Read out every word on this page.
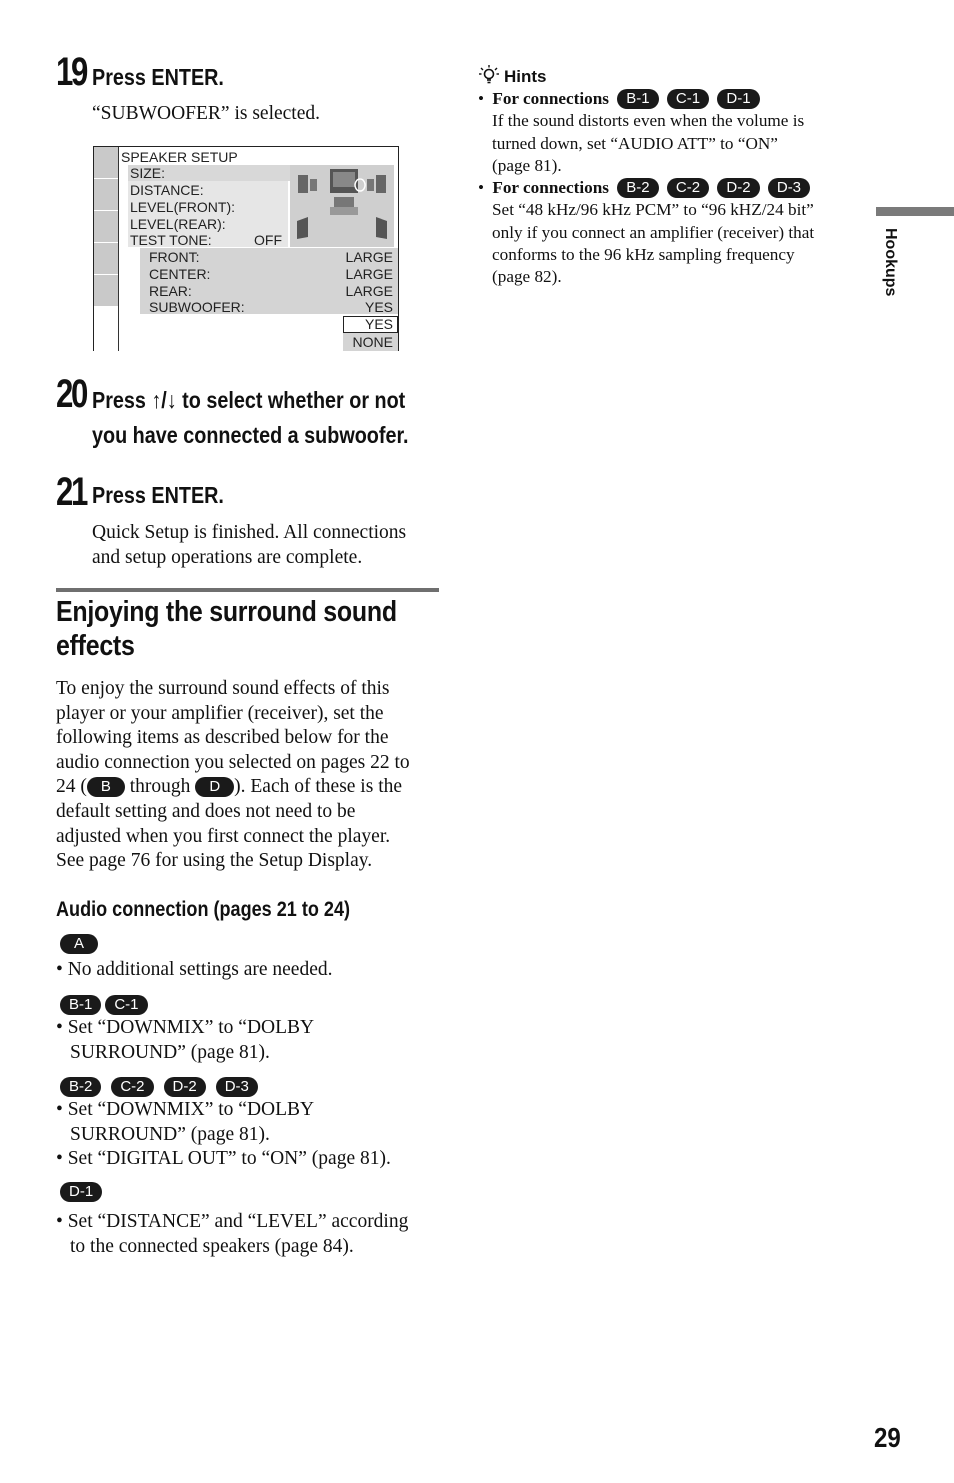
19 Press ENTER.
“SUBWOOFER” is selected.
SPEAKER SETUP
SIZE:
DISTANCE:
LEVEL(FRONT):
LEVEL(REAR):
TEST TONE:	OFF
FRONT:
CENTER:
REAR:
SUBWOOFER:
LARGE
LARGE
LARGE
YES
YES
NONE
20 Press ↑/↓ to select whether or not
you have connected a subwoofer.
21 Press ENTER.
Quick Setup is finished. All connections
and setup operations are complete.
Enjoying the surround sound
effects
To enjoy the surround sound effects of this
player or your amplifier (receiver), set the
following items as described below for the
audio connection you selected on pages 22 to
24 ( B through D ). Each of these is the
default setting and does not need to be
adjusted when you first connect the player.
See page 76 for using the Setup Display.
Audio connection (pages 21 to 24)
A
• No additional settings are needed.
B-1 C-1
• Set “DOWNMIX” to “DOLBY
SURROUND” (page 81).
B-2 C-2 D-2 D-3
• Set “DOWNMIX” to “DOLBY
SURROUND” (page 81).
• Set “DIGITAL OUT” to “ON” (page 81).
D-1
• Set “DISTANCE” and “LEVEL” according
to the connected speakers (page 84).
Hints
• For connections B-1 C-1 D-1
If the sound distorts even when the volume is
turned down, set “AUDIO ATT” to “ON”
(page 81).
• For connections B-2 C-2 D-2 D-3
Set “48 kHz/96 kHz PCM” to “96 kHZ/24 bit”
only if you connect an amplifier (receiver) that
conforms to the 96 kHz sampling frequency
(page 82).	Hookups
29
